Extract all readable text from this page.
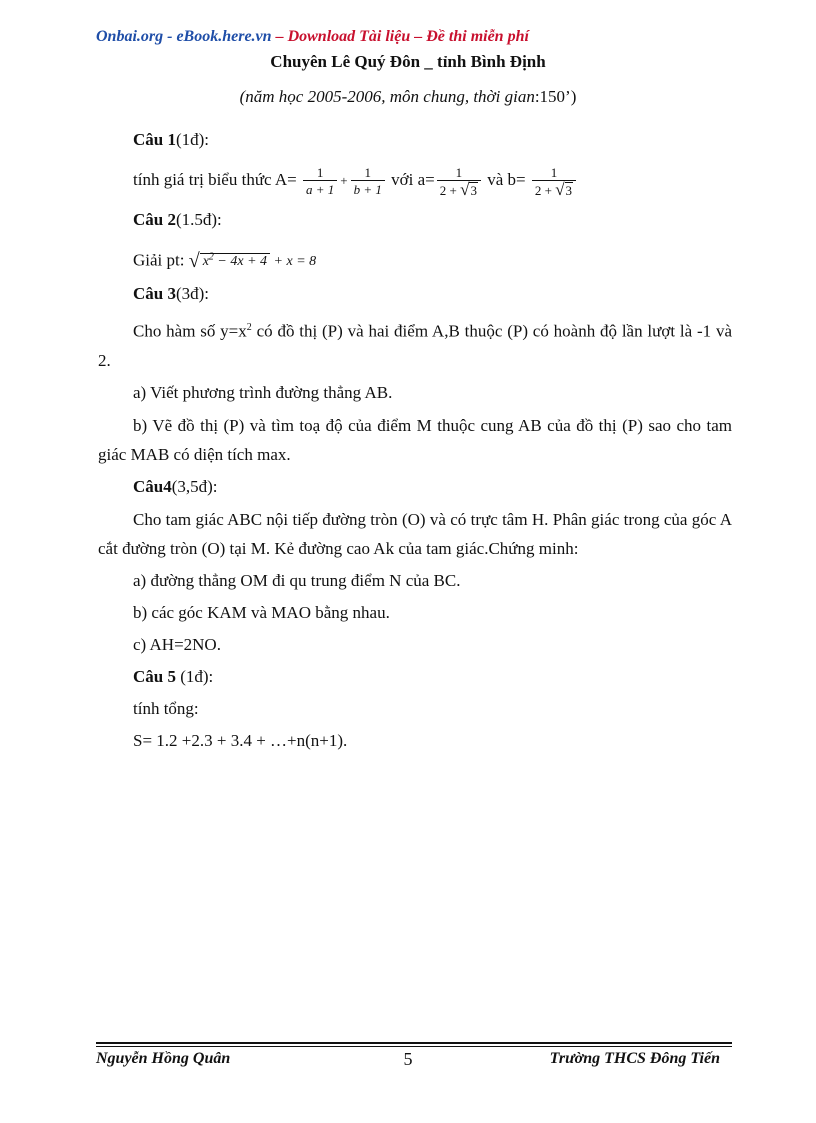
Onbai.org - eBook.here.vn – Download Tài liệu – Đề thi miễn phí
Chuyên Lê Quý Đôn _ tỉnh Bình Định
(năm học 2005-2006, môn chung, thời gian:150’)

Câu 1(1đ):

tính giá trị biểu thức $A= \frac{1}{a + 1} + \frac{1}{b + 1}$ với $a= \frac{1}{2 + √3}$ và $b= \frac{1}{2 + √3}$

Câu 2(1.5đ):

Giải pt: √ $x^2 - 4x + 4 + x = 8$

Câu 3(3đ):

Cho hàm số $y=x^2$ có đồ thị (P) và hai điểm A,B thuộc (P) có hoành độ lần lượt là -1 và 2.

a) Viết phương trình đường thẳng AB.

b) Vẽ đồ thị (P) và tìm toạ độ của điểm M thuộc cung AB của đồ thị (P) sao cho tam giác MAB có diện tích max.

Câu4(3,5đ):

Cho tam giác ABC nội tiếp đường tròn (O) và có trực tâm H. Phân giác trong của góc A cắt đường tròn (O) tại M. Kẻ đường cao Ak của tam giác.Chứng minh:

a) đường thẳng OM đi qu trung điểm N của BC.

b) các góc KAM và MAO bằng nhau.

c) AH=2NO.

Câu 5 (1đ):

tính tổng:

S= 1.2 +2.3 + 3.4 + …+n(n+1).

Nguyễn Hồng Quân	5	Trường THCS Đông Tiến
